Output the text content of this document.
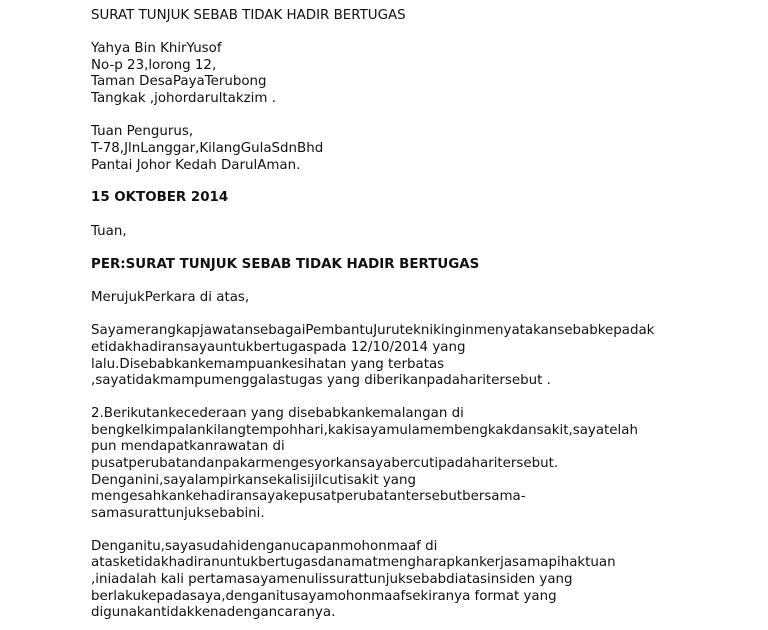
SURAT TUNJUK SEBAB TIDAK HADIR BERTUGAS
Yahya Bin KhirYusof
No-p 23,lorong 12,
Taman DesaPayaTerubong
Tangkak ,johordarultakzim .
Tuan Pengurus,
T-78,JlnLanggar,KilangGulaSdnBhd
Pantai Johor Kedah DarulAman.
15 OKTOBER 2014
Tuan,
PER:SURAT TUNJUK SEBAB TIDAK HADIR BERTUGAS
MerujukPerkara di atas,
SayamerangkapjawatansebagaiPembantuJuruteknikinginmenyatakansebabkepadak
etidakhadiransayauntukbertugaspada 12/10/2014 yang
lalu.Disebabkankemampuankesihatan yang terbatas
,sayatidakmampumenggalastugas yang diberikanpadaharitersebut .
2.Berikutankecederaan yang disebabkankemalangan di
bengkelkimpalankilangtempohhari,kakisayamulamembengkakdansakit,sayatelah
pun mendapatkanrawatan di
pusatperubatandanpakarmengesyorkansayabercutipadaharitersebut.
Denganini,sayalampirkansekalisijilcutisakit yang
mengesahkankehadiransayakepusatperubatantersebutbersama-
samasurattunjuksebabini.
Denganitu,sayasudahidenganucapanmohonmaaf di
atasketidakhadiranuntukbertugasdanamatmengharapkankerjasamapihaktuan
,iniadalah kali pertamasayamenulissurattunjuksebabdiatasinsiden yang
berlakukepadasaya,denganitusayamohonmaafsekiranya format yang
digunakantidakkenadengancaranya.
